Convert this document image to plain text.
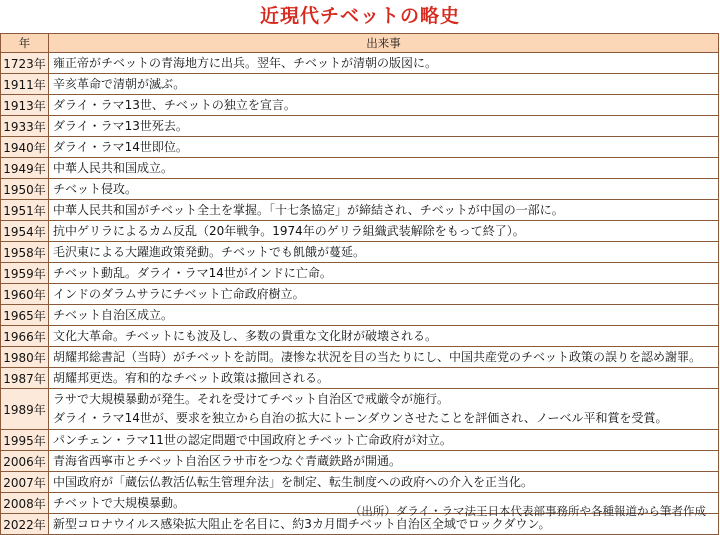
近現代チベットの略史
年	出来事
1723年	雍正帝がチベットの青海地方に出兵。翌年、チベットが清朝の版図に。

1911年	辛亥革命で清朝が滅ぶ。

1913年	ダライ・ラマ13世、チベットの独立を宣言。

1933年	ダライ・ラマ13世死去。

1940年	ダライ・ラマ14世即位。

1949年	中華人民共和国成立。

1950年	チベット侵攻。

1951年	中華人民共和国がチベット全土を掌握。「十七条協定」が締結され、チベットが中国の一部に。

1954年	抗中ゲリラによるカム反乱（20年戦争。1974年のゲリラ組織武装解除をもって終了）。

1958年	毛沢東による大躍進政策発動。チベットでも飢餓が蔓延。

1959年	チベット動乱。ダライ・ラマ14世がインドに亡命。

1960年	インドのダラムサラにチベット亡命政府樹立。

1965年	チベット自治区成立。

1966年	文化大革命。チベットにも波及し、多数の貴重な文化財が破壊される。

1980年	胡耀邦総書記（当時）がチベットを訪問。凄惨な状況を目の当たりにし、中国共産党のチベット政策の誤りを認め謝罪。

1987年	胡耀邦更迭。宥和的なチベット政策は撤回される。

1989年	ラサで大規模暴動が発生。それを受けてチベット自治区で戒厳令が施行。
ダライ・ラマ14世が、要求を独立から自治の拡大にトーンダウンさせたことを評価され、ノーベル平和賞を受賞。

1995年	パンチェン・ラマ11世の認定問題で中国政府とチベット亡命政府が対立。

2006年	青海省西寧市とチベット自治区ラサ市をつなぐ青蔵鉄路が開通。

2007年	中国政府が「蔵伝仏教活仏転生管理弁法」を制定、転生制度への政府への介入を正当化。

2008年	チベットで大規模暴動。

2022年	新型コロナウイルス感染拡大阻止を名目に、約3カ月間チベット自治区全域でロックダウン。
（出所）ダライ・ラマ法王日本代表部事務所や各種報道から筆者作成
